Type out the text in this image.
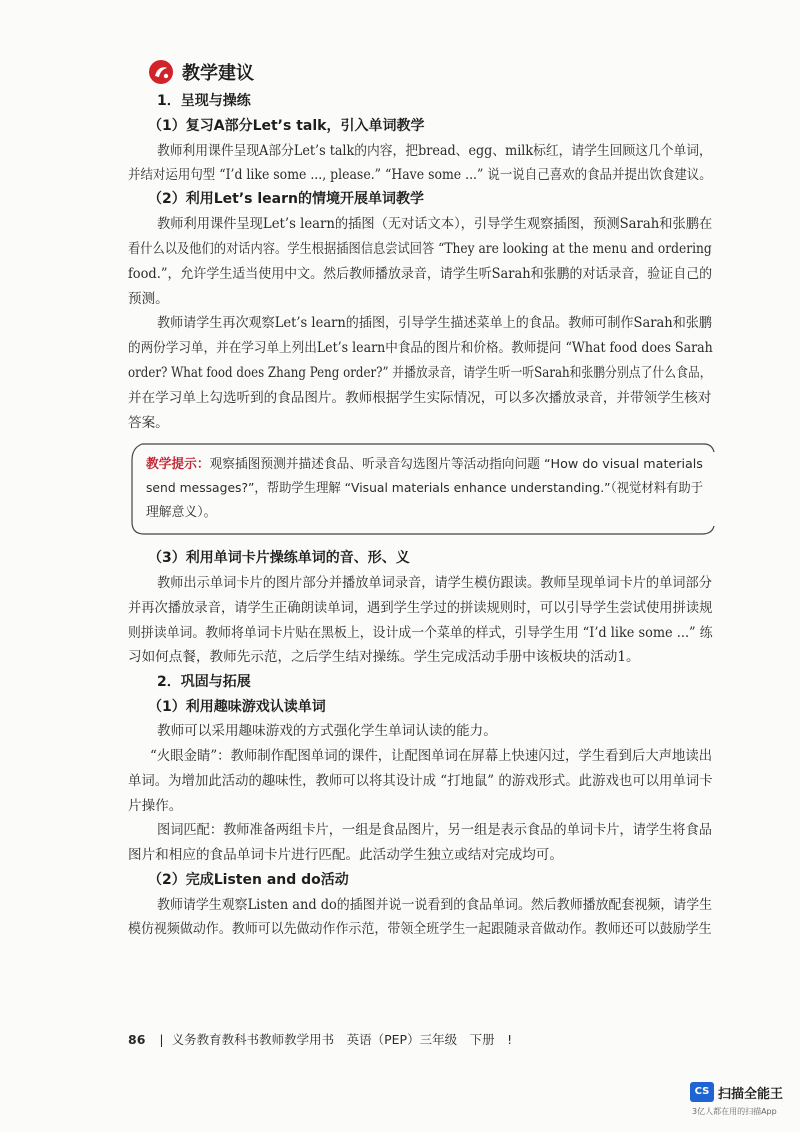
教学建议
1．呈现与操练
（1）复习A部分Let’s talk，引入单词教学
教师利用课件呈现A部分Let’s talk的内容，把bread、egg、milk标红，请学生回顾这几个单词，
并结对运用句型 “I’d like some ..., please.” “Have some ...” 说一说自己喜欢的食品并提出饮食建议。
（2）利用Let’s learn的情境开展单词教学
教师利用课件呈现Let’s learn的插图（无对话文本），引导学生观察插图，预测Sarah和张鹏在
看什么以及他们的对话内容。学生根据插图信息尝试回答 “They are looking at the menu and ordering
food.”，允许学生适当使用中文。然后教师播放录音，请学生听Sarah和张鹏的对话录音，验证自己的
预测。
教师请学生再次观察Let’s learn的插图，引导学生描述菜单上的食品。教师可制作Sarah和张鹏
的两份学习单，并在学习单上列出Let’s learn中食品的图片和价格。教师提问 “What food does Sarah
order? What food does Zhang Peng order?” 并播放录音，请学生听一听Sarah和张鹏分别点了什么食品，
并在学习单上勾选听到的食品图片。教师根据学生实际情况，可以多次播放录音，并带领学生核对
答案。
教学提示：观察插图预测并描述食品、听录音勾选图片等活动指向问题 “How do visual materials
send messages?”，帮助学生理解 “Visual materials enhance understanding.”（视觉材料有助于
理解意义）。
（3）利用单词卡片操练单词的音、形、义
教师出示单词卡片的图片部分并播放单词录音，请学生模仿跟读。教师呈现单词卡片的单词部分
并再次播放录音，请学生正确朗读单词，遇到学生学过的拼读规则时，可以引导学生尝试使用拼读规
则拼读单词。教师将单词卡片贴在黑板上，设计成一个菜单的样式，引导学生用 “I’d like some ...” 练
习如何点餐，教师先示范，之后学生结对操练。学生完成活动手册中该板块的活动1。
2．巩固与拓展
（1）利用趣味游戏认读单词
教师可以采用趣味游戏的方式强化学生单词认读的能力。
“火眼金睛”：教师制作配图单词的课件，让配图单词在屏幕上快速闪过，学生看到后大声地读出
单词。为增加此活动的趣味性，教师可以将其设计成 “打地鼠” 的游戏形式。此游戏也可以用单词卡
片操作。
图词匹配：教师准备两组卡片，一组是食品图片，另一组是表示食品的单词卡片，请学生将食品
图片和相应的食品单词卡片进行匹配。此活动学生独立或结对完成均可。
（2）完成Listen and do活动
教师请学生观察Listen and do的插图并说一说看到的食品单词。然后教师播放配套视频，请学生
模仿视频做动作。教师可以先做动作作示范，带领全班学生一起跟随录音做动作。教师还可以鼓励学生
86 | 义务教育教科书教师教学用书　英语（PEP）三年级　下册　!
CS 扫描全能王
3亿人都在用的扫描App
